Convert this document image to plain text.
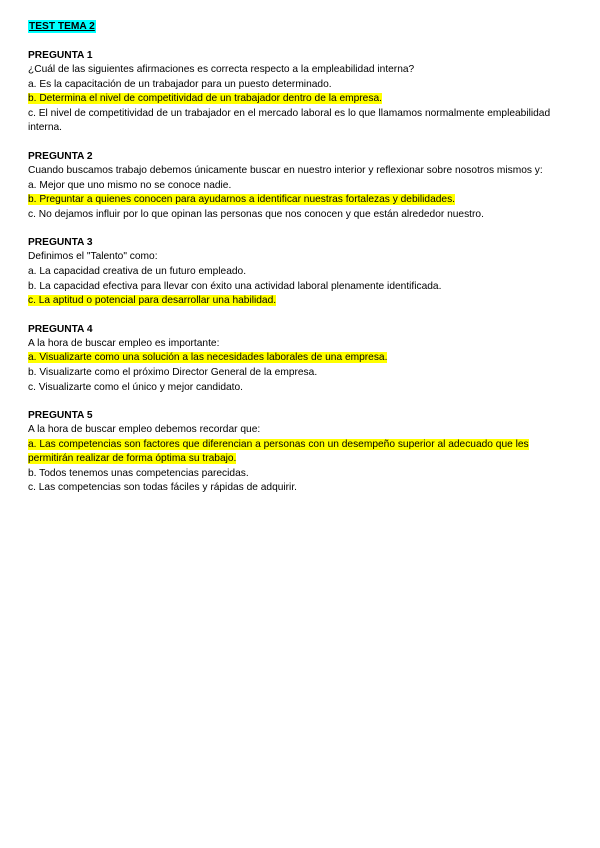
TEST TEMA 2

PREGUNTA 1

¿Cuál de las siguientes afirmaciones es correcta respecto a la empleabilidad interna?

a. Es la capacitación de un trabajador para un puesto determinado.
b. Determina el nivel de competitividad de un trabajador dentro de la empresa.
c. El nivel de competitividad de un trabajador en el mercado laboral es lo que llamamos normalmente empleabilidad interna.

PREGUNTA 2

Cuando buscamos trabajo debemos únicamente buscar en nuestro interior y reflexionar sobre nosotros mismos y:

a. Mejor que uno mismo no se conoce nadie.
b. Preguntar a quienes conocen para ayudarnos a identificar nuestras fortalezas y debilidades.
c. No dejamos influir por lo que opinan las personas que nos conocen y que están alrededor nuestro.

PREGUNTA 3

Definimos el "Talento" como:

a. La capacidad creativa de un futuro empleado.
b. La capacidad efectiva para llevar con éxito una actividad laboral plenamente identificada.
c. La aptitud o potencial para desarrollar una habilidad.

PREGUNTA 4

A la hora de buscar empleo es importante:

a. Visualizarte como una solución a las necesidades laborales de una empresa.
b. Visualizarte como el próximo Director General de la empresa.
c. Visualizarte como el único y mejor candidato.

PREGUNTA 5

A la hora de buscar empleo debemos recordar que:

a. Las competencias son factores que diferencian a personas con un desempeño superior al adecuado que les permitirán realizar de forma óptima su trabajo.
b. Todos tenemos unas competencias parecidas.
c. Las competencias son todas fáciles y rápidas de adquirir.
